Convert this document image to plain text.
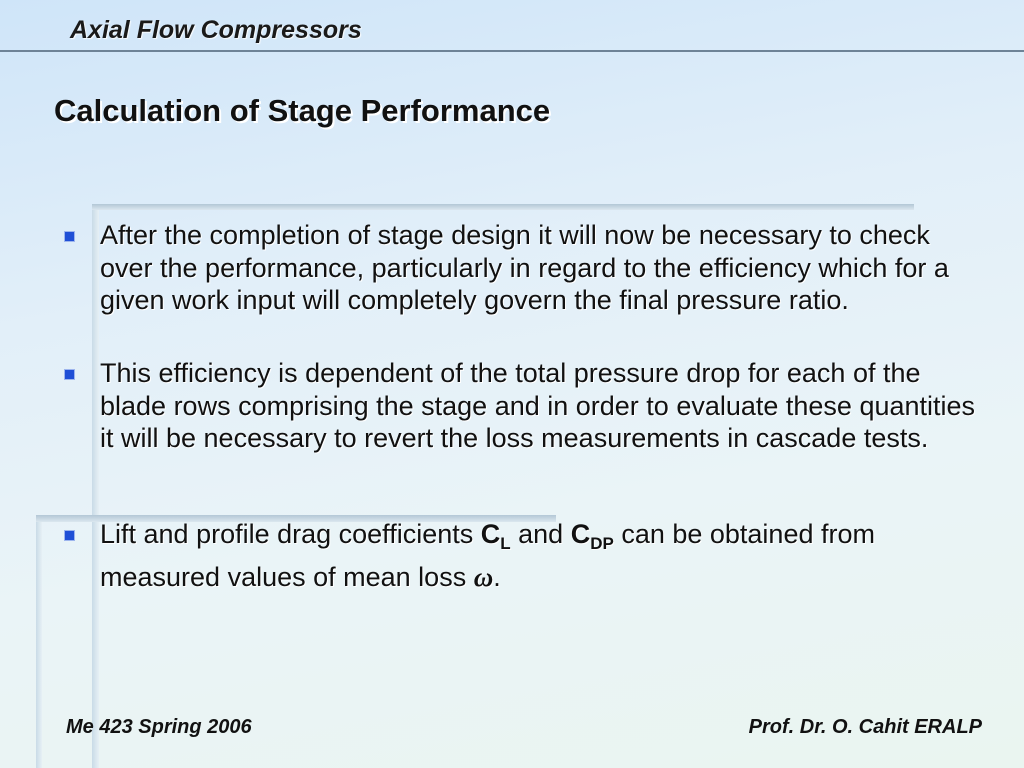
Axial Flow Compressors
Calculation of Stage Performance
After the completion of stage design it will now be necessary to check over the performance, particularly in regard to the efficiency which for a given work input will completely govern the final pressure ratio.
This efficiency is dependent of the total pressure drop for each of the blade rows comprising the stage and in order to evaluate these quantities it will be necessary to revert the loss measurements in cascade tests.
Lift and profile drag coefficients $C_L$ and $C_{DP}$ can be obtained from measured values of mean loss ω.
Me 423 Spring 2006	Prof. Dr. O. Cahit ERALP
